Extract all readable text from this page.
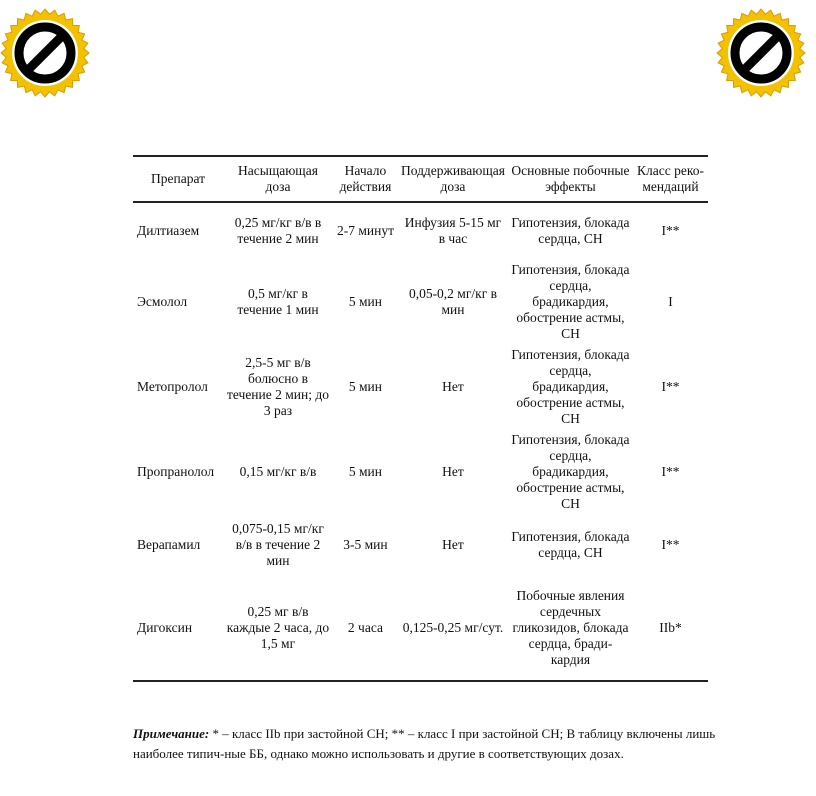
Препарат	Насыщающая доза	Начало действия	Поддерживающая доза	Основные побочные эффекты	Класс реко-мендаций
Дилтиазем	0,25 мг/кг в/в в течение 2 мин	2-7 минут	Инфузия 5-15 мг в час	Гипотензия, блокада сердца, СН	I**
Эсмолол	0,5 мг/кг в течение 1 мин	5 мин	0,05-0,2 мг/кг в мин	Гипотензия, блокада сердца, брадикардия, обострение астмы, СН	I
Метопролол	2,5-5 мг в/в болюсно в течение 2 мин; до 3 раз	5 мин	Нет	Гипотензия, блокада сердца, брадикардия, обострение астмы, СН	I**
Пропранолол	0,15 мг/кг в/в	5 мин	Нет	Гипотензия, блокада сердца, брадикардия, обострение астмы, СН	I**
Верапамил	0,075-0,15 мг/кг в/в в течение 2 мин	3-5 мин	Нет	Гипотензия, блокада сердца, СН	I**
Дигоксин	0,25 мг в/в каждые 2 часа, до 1,5 мг	2 часа	0,125-0,25 мг/сут.	Побочные явления сердечных гликозидов, блокада сердца, бради-кардия	IIb*
Примечание: * – класс IIb при застойной СН; ** – класс I при застойной СН; В таблицу включены лишь наиболее типич-ные ББ, однако можно использовать и другие в соответствующих дозах.
